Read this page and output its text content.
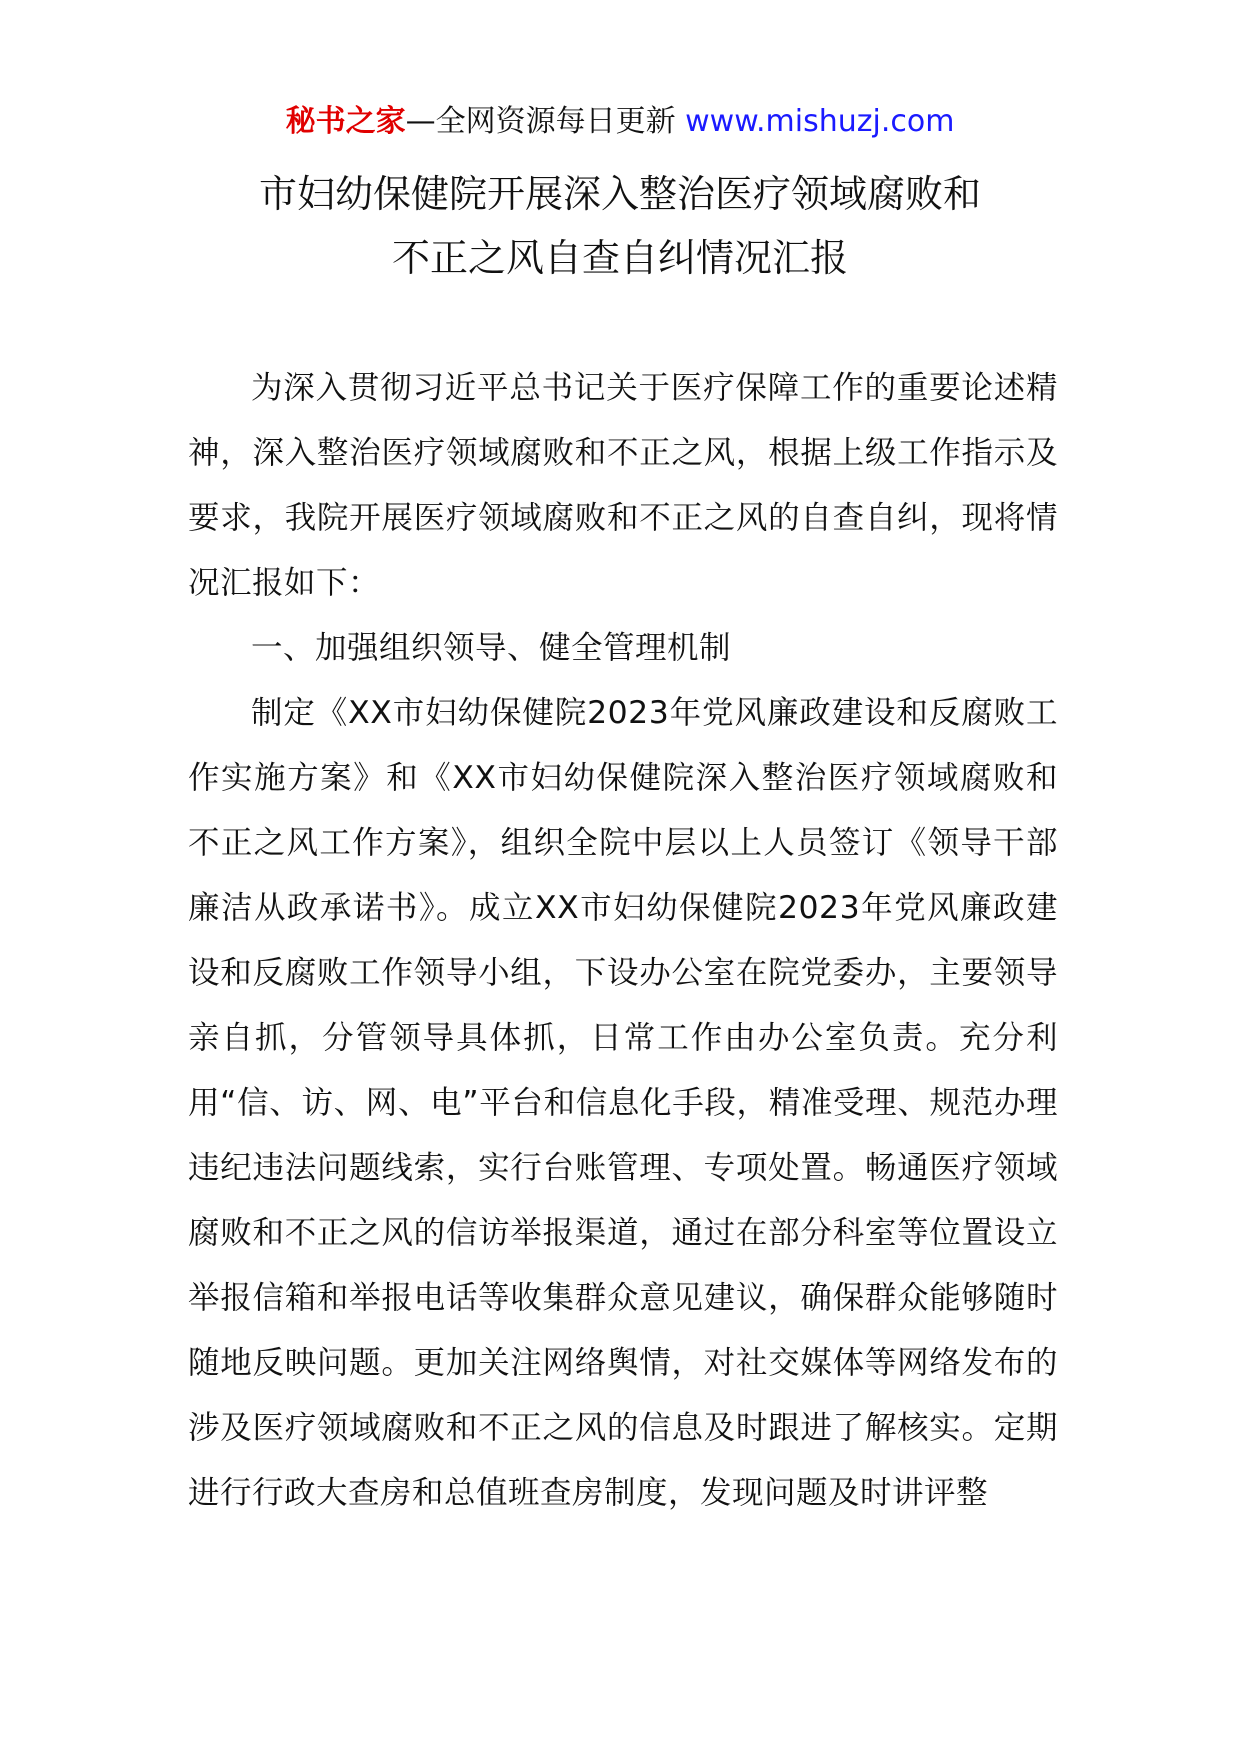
秘书之家—全网资源每日更新 www.mishuzj.com
市妇幼保健院开展深入整治医疗领域腐败和
不正之风自查自纠情况汇报

为深入贯彻习近平总书记关于医疗保障工作的重要论述精神，深入整治医疗领域腐败和不正之风，根据上级工作指示及要求，我院开展医疗领域腐败和不正之风的自查自纠，现将情况汇报如下：

一、加强组织领导、健全管理机制

制定《XX市妇幼保健院2023年党风廉政建设和反腐败工作实施方案》和《XX市妇幼保健院深入整治医疗领域腐败和不正之风工作方案》，组织全院中层以上人员签订《领导干部廉洁从政承诺书》。成立XX市妇幼保健院2023年党风廉政建设和反腐败工作领导小组，下设办公室在院党委办，主要领导亲自抓，分管领导具体抓，日常工作由办公室负责。充分利用“信、访、网、电”平台和信息化手段，精准受理、规范办理违纪违法问题线索，实行台账管理、专项处置。畅通医疗领域腐败和不正之风的信访举报渠道，通过在部分科室等位置设立举报信箱和举报电话等收集群众意见建议，确保群众能够随时随地反映问题。更加关注网络舆情，对社交媒体等网络发布的涉及医疗领域腐败和不正之风的信息及时跟进了解核实。定期进行行政大查房和总值班查房制度，发现问题及时讲评整
